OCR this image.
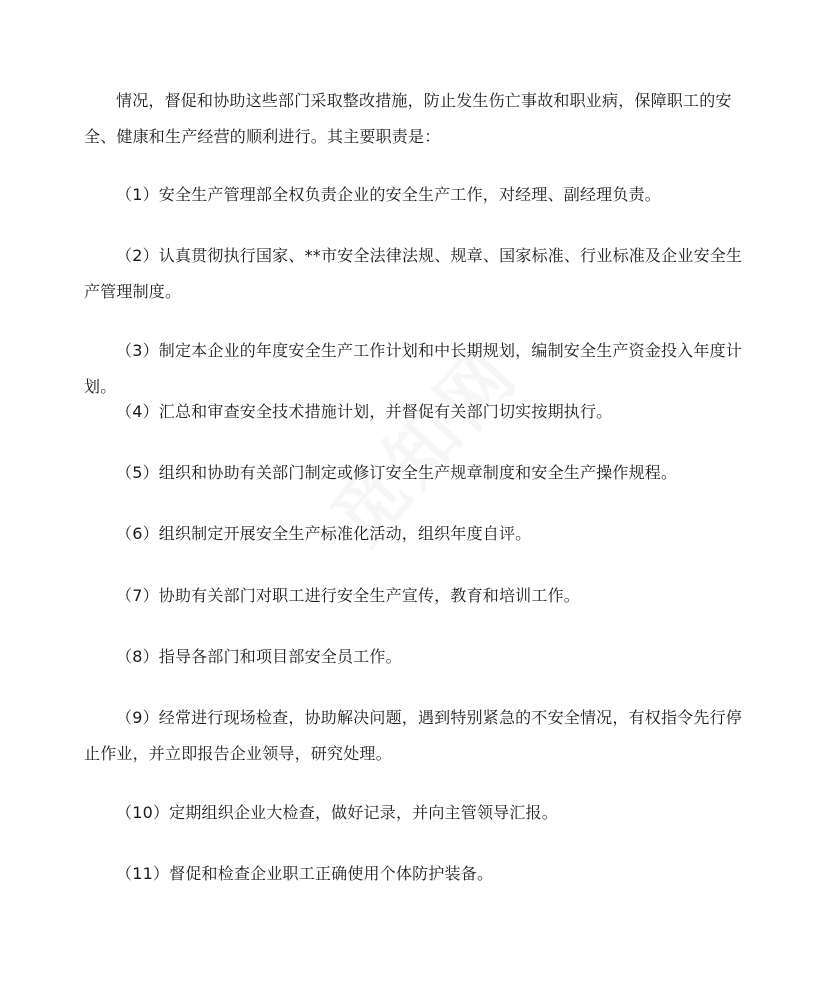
情况，督促和协助这些部门采取整改措施，防止发生伤亡事故和职业病，保障职工的安全、健康和生产经营的顺利进行。其主要职责是：

（1）安全生产管理部全权负责企业的安全生产工作，对经理、副经理负责。

（2）认真贯彻执行国家、**市安全法律法规、规章、国家标准、行业标准及企业安全生产管理制度。

（3）制定本企业的年度安全生产工作计划和中长期规划，编制安全生产资金投入年度计划。

（4）汇总和审查安全技术措施计划，并督促有关部门切实按期执行。

（5）组织和协助有关部门制定或修订安全生产规章制度和安全生产操作规程。

（6）组织制定开展安全生产标准化活动，组织年度自评。

（7）协助有关部门对职工进行安全生产宣传，教育和培训工作。

（8）指导各部门和项目部安全员工作。

（9）经常进行现场检查，协助解决问题，遇到特别紧急的不安全情况，有权指令先行停止作业，并立即报告企业领导，研究处理。

（10）定期组织企业大检查，做好记录，并向主管领导汇报。

（11）督促和检查企业职工正确使用个体防护装备。
